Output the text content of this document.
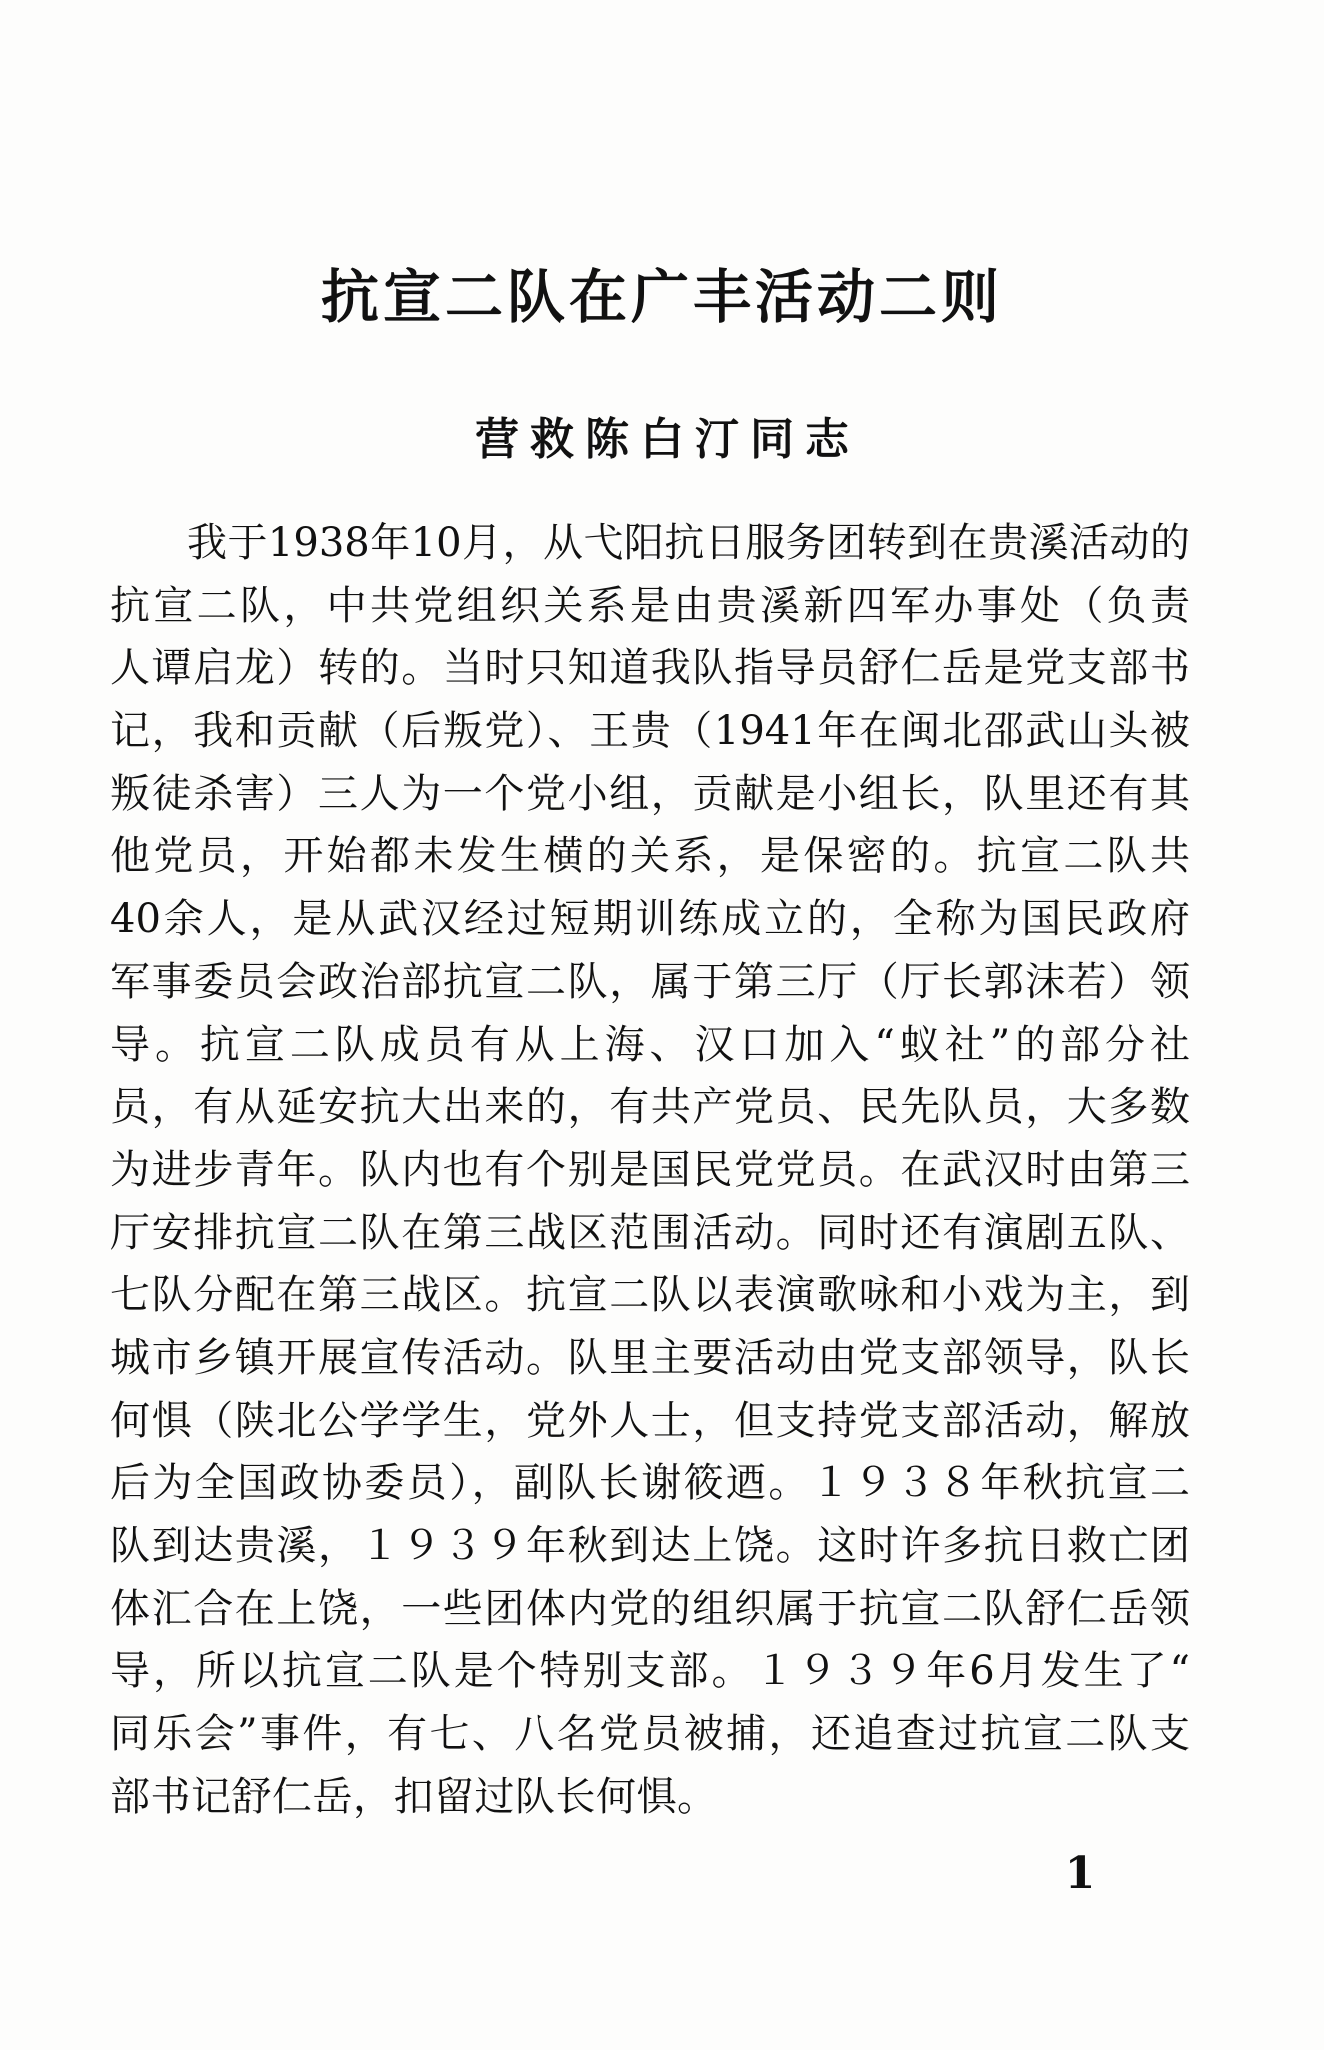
抗宣二队在广丰活动二则
营救陈白汀同志
我于1938年10月，从弋阳抗日服务团转到在贵溪活动的
抗宣二队，中共党组织关系是由贵溪新四军办事处（负责
人谭启龙）转的。当时只知道我队指导员舒仁岳是党支部书
记，我和贡献（后叛党）、王贵（1941年在闽北邵武山头被
叛徒杀害）三人为一个党小组，贡献是小组长，队里还有其
他党员，开始都未发生横的关系，是保密的。抗宣二队共
40余人，是从武汉经过短期训练成立的，全称为国民政府
军事委员会政治部抗宣二队，属于第三厅（厅长郭沫若）领
导。抗宣二队成员有从上海、汉口加入“蚁社”的部分社
员，有从延安抗大出来的，有共产党员、民先队员，大多数
为进步青年。队内也有个别是国民党党员。在武汉时由第三
厅安排抗宣二队在第三战区范围活动。同时还有演剧五队、
七队分配在第三战区。抗宣二队以表演歌咏和小戏为主，到
城市乡镇开展宣传活动。队里主要活动由党支部领导，队长
何惧（陕北公学学生，党外人士，但支持党支部活动，解放
后为全国政协委员），副队长谢筱迺。１９３８年秋抗宣二
队到达贵溪，１９３９年秋到达上饶。这时许多抗日救亡团
体汇合在上饶，一些团体内党的组织属于抗宣二队舒仁岳领
导，所以抗宣二队是个特别支部。１９３９年6月发生了“
同乐会”事件，有七、八名党员被捕，还追查过抗宣二队支
部书记舒仁岳，扣留过队长何惧。
1
